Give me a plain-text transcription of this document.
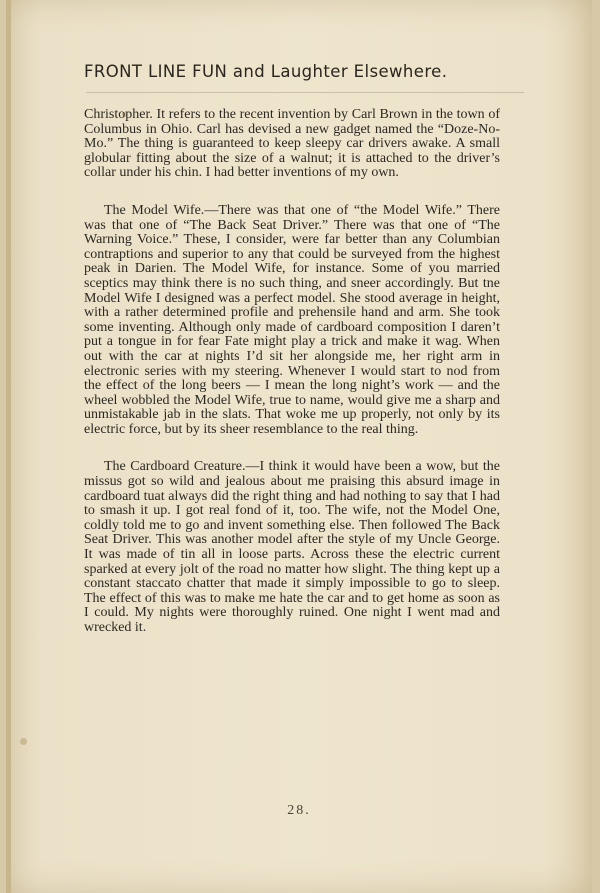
FRONT LINE FUN and Laughter Elsewhere.

Christopher. It refers to the recent invention by Carl Brown in the town of Columbus in Ohio. Carl has devised a new gadget named the “Doze-No-Mo.” The thing is guaranteed to keep sleepy car drivers awake. A small globular fitting about the size of a walnut; it is attached to the driver’s collar under his chin. I had better inventions of my own.

The Model Wife.—There was that one of “the Model Wife.” There was that one of “The Back Seat Driver.” There was that one of “The Warning Voice.” These, I consider, were far better than any Columbian contraptions and superior to any that could be surveyed from the highest peak in Darien. The Model Wife, for instance. Some of you married sceptics may think there is no such thing, and sneer accordingly. But tne Model Wife I designed was a perfect model. She stood average in height, with a rather determined profile and prehensile hand and arm. She took some inventing. Although only made of cardboard composition I daren’t put a tongue in for fear Fate might play a trick and make it wag. When out with the car at nights I’d sit her alongside me, her right arm in electronic series with my steering. Whenever I would start to nod from the effect of the long beers — I mean the long night’s work — and the wheel wobbled the Model Wife, true to name, would give me a sharp and unmistakable jab in the slats. That woke me up properly, not only by its electric force, but by its sheer resemblance to the real thing.

The Cardboard Creature.—I think it would have been a wow, but the missus got so wild and jealous about me praising this absurd image in cardboard tuat always did the right thing and had nothing to say that I had to smash it up. I got real fond of it, too. The wife, not the Model One, coldly told me to go and invent something else. Then followed The Back Seat Driver. This was another model after the style of my Uncle George. It was made of tin all in loose parts. Across these the electric current sparked at every jolt of the road no matter how slight. The thing kept up a constant staccato chatter that made it simply impossible to go to sleep. The effect of this was to make me hate the car and to get home as soon as I could. My nights were thoroughly ruined. One night I went mad and wrecked it.

28.
